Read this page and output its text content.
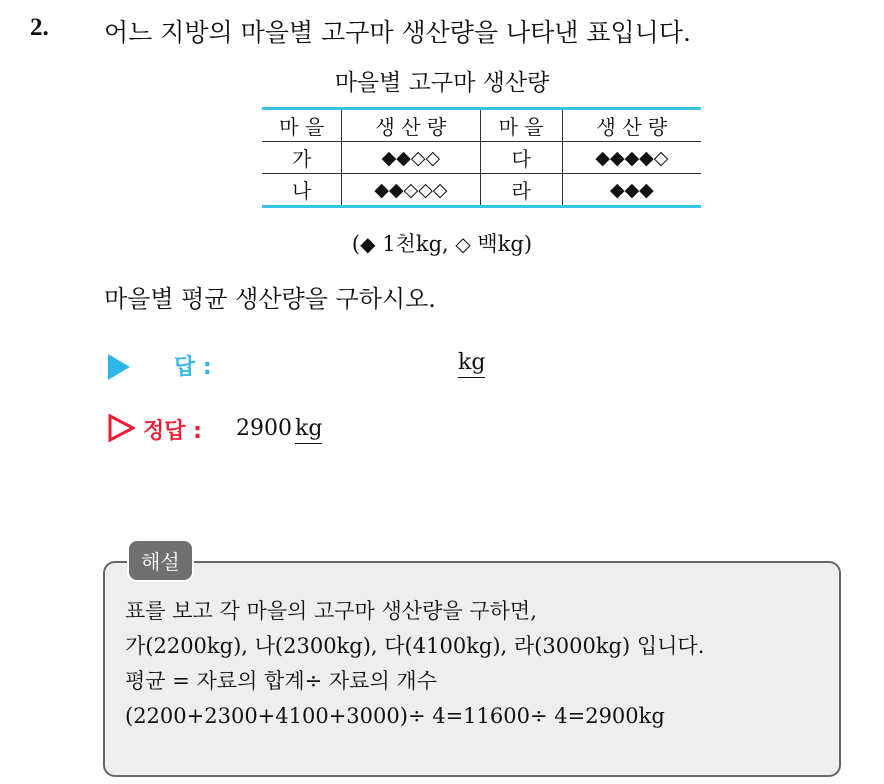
2. 어느 지방의 마을별 고구마 생산량을 나타낸 표입니다.
마을별 고구마 생산량
마 을	생 산 량	마 을	생 산 량
가	◆◆◇◇	다	◆◆◆◆◇
나	◆◆◇◇◇	라	◆◆◆
(◆ 1천kg, ◇ 백kg)
마을별 평균 생산량을 구하시오.
답 :	kg
정답 : 2900 kg
해설
표를 보고 각 마을의 고구마 생산량을 구하면,
가(2200kg), 나(2300kg), 다(4100kg), 라(3000kg) 입니다.
평균 = 자료의 합계÷ 자료의 개수
(2200+2300+4100+3000)÷ 4=11600÷ 4=2900kg
